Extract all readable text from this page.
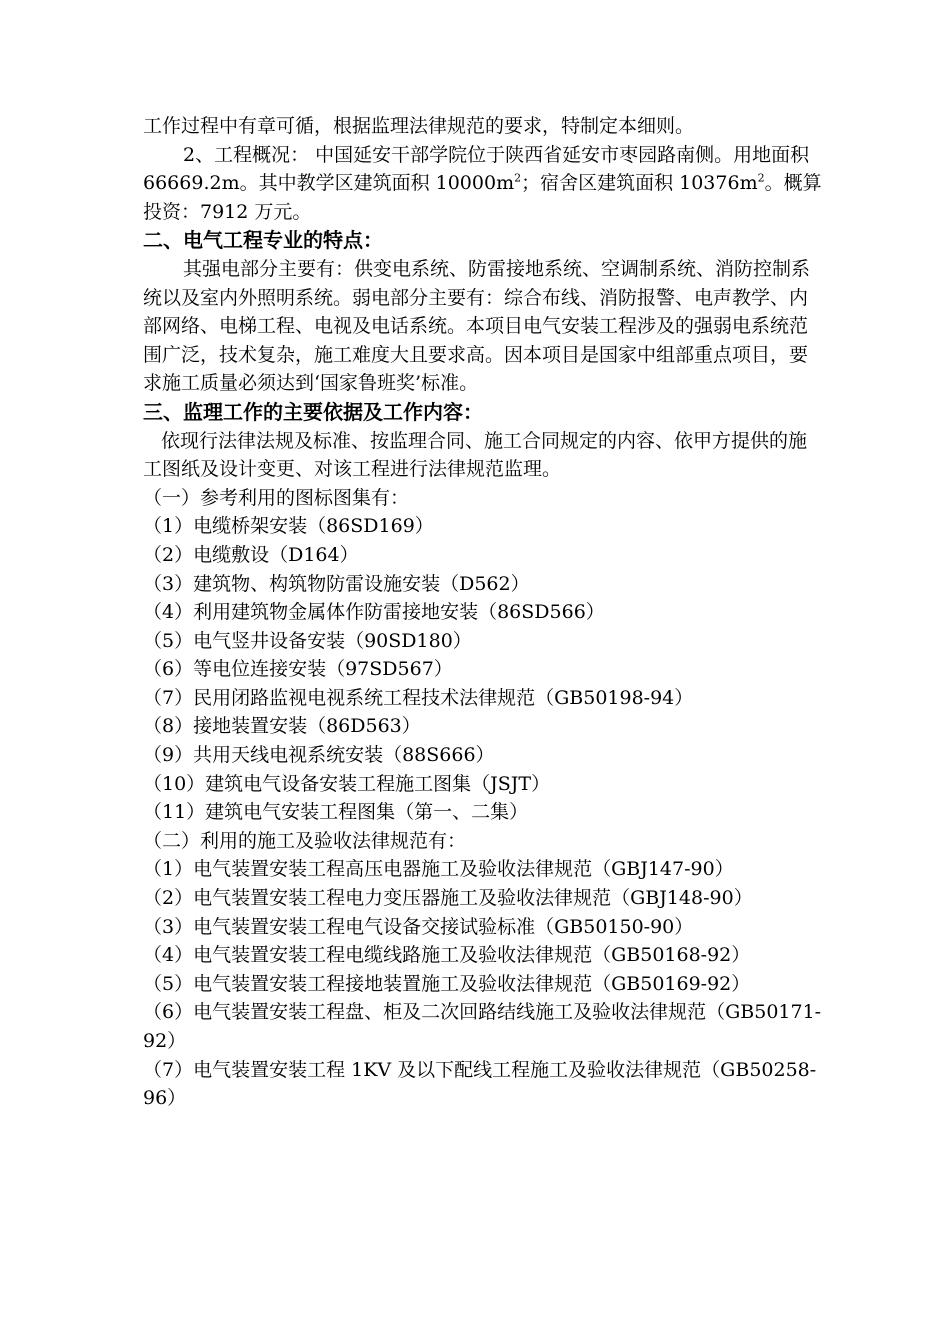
工作过程中有章可循，根据监理法律规范的要求，特制定本细则。

2、工程概况： 中国延安干部学院位于陕西省延安市枣园路南侧。用地面积 66669.2m。其中教学区建筑面积 $10000m^2$；宿舍区建筑面积 $10376m^2$。概算投资：7912 万元。

二、电气工程专业的特点：

其强电部分主要有：供变电系统、防雷接地系统、空调制系统、消防控制系统以及室内外照明系统。弱电部分主要有：综合布线、消防报警、电声教学、内部网络、电梯工程、电视及电话系统。本项目电气安装工程涉及的强弱电系统范围广泛，技术复杂，施工难度大且要求高。因本项目是国家中组部重点项目，要求施工质量必须达到‘国家鲁班奖’标准。

三、监理工作的主要依据及工作内容：

依现行法律法规及标准、按监理合同、施工合同规定的内容、依甲方提供的施工图纸及设计变更、对该工程进行法律规范监理。

（一）参考利用的图标图集有：

（1）电缆桥架安装（86SD169）

（2）电缆敷设（D164）

（3）建筑物、构筑物防雷设施安装（D562）

（4）利用建筑物金属体作防雷接地安装（86SD566）

（5）电气竖井设备安装（90SD180）

（6）等电位连接安装（97SD567）

（7）民用闭路监视电视系统工程技术法律规范（GB50198-94）

（8）接地装置安装（86D563）

（9）共用天线电视系统安装（88S666）

（10）建筑电气设备安装工程施工图集（JSJT）

（11）建筑电气安装工程图集（第一、二集）

（二）利用的施工及验收法律规范有：

（1）电气装置安装工程高压电器施工及验收法律规范（GBJ147-90）

（2）电气装置安装工程电力变压器施工及验收法律规范（GBJ148-90）

（3）电气装置安装工程电气设备交接试验标准（GB50150-90）

（4）电气装置安装工程电缆线路施工及验收法律规范（GB50168-92）

（5）电气装置安装工程接地装置施工及验收法律规范（GB50169-92）

（6）电气装置安装工程盘、柜及二次回路结线施工及验收法律规范（GB50171-92）

（7）电气装置安装工程 1KV 及以下配线工程施工及验收法律规范（GB50258-96）
